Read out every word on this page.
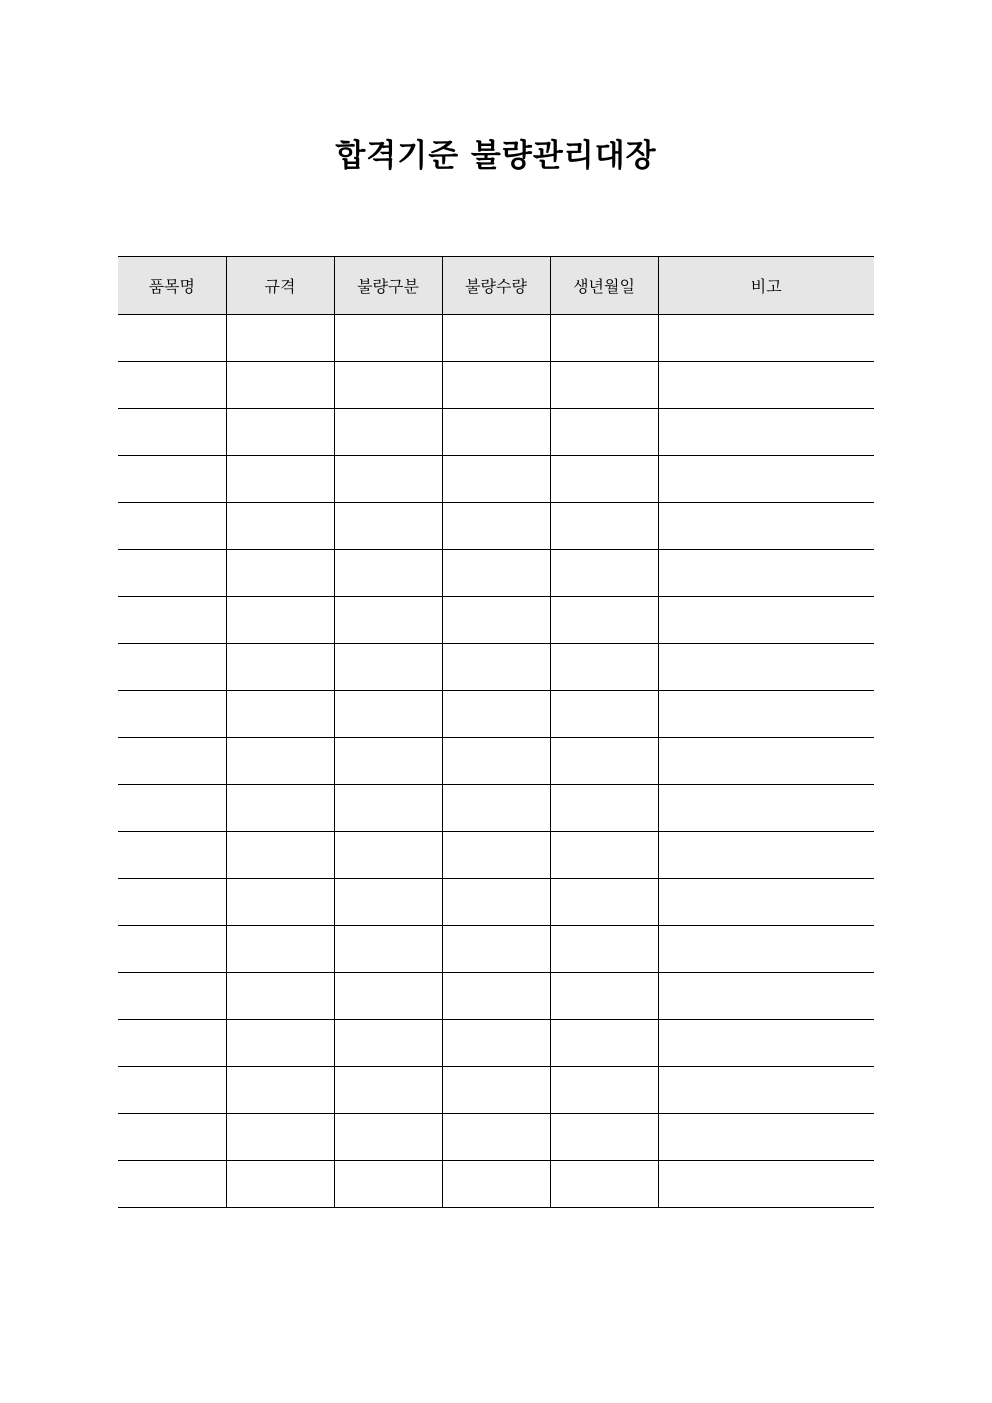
합격기준 불량관리대장
품목명	규격	불량구분	불량수량	생년월일	비고
